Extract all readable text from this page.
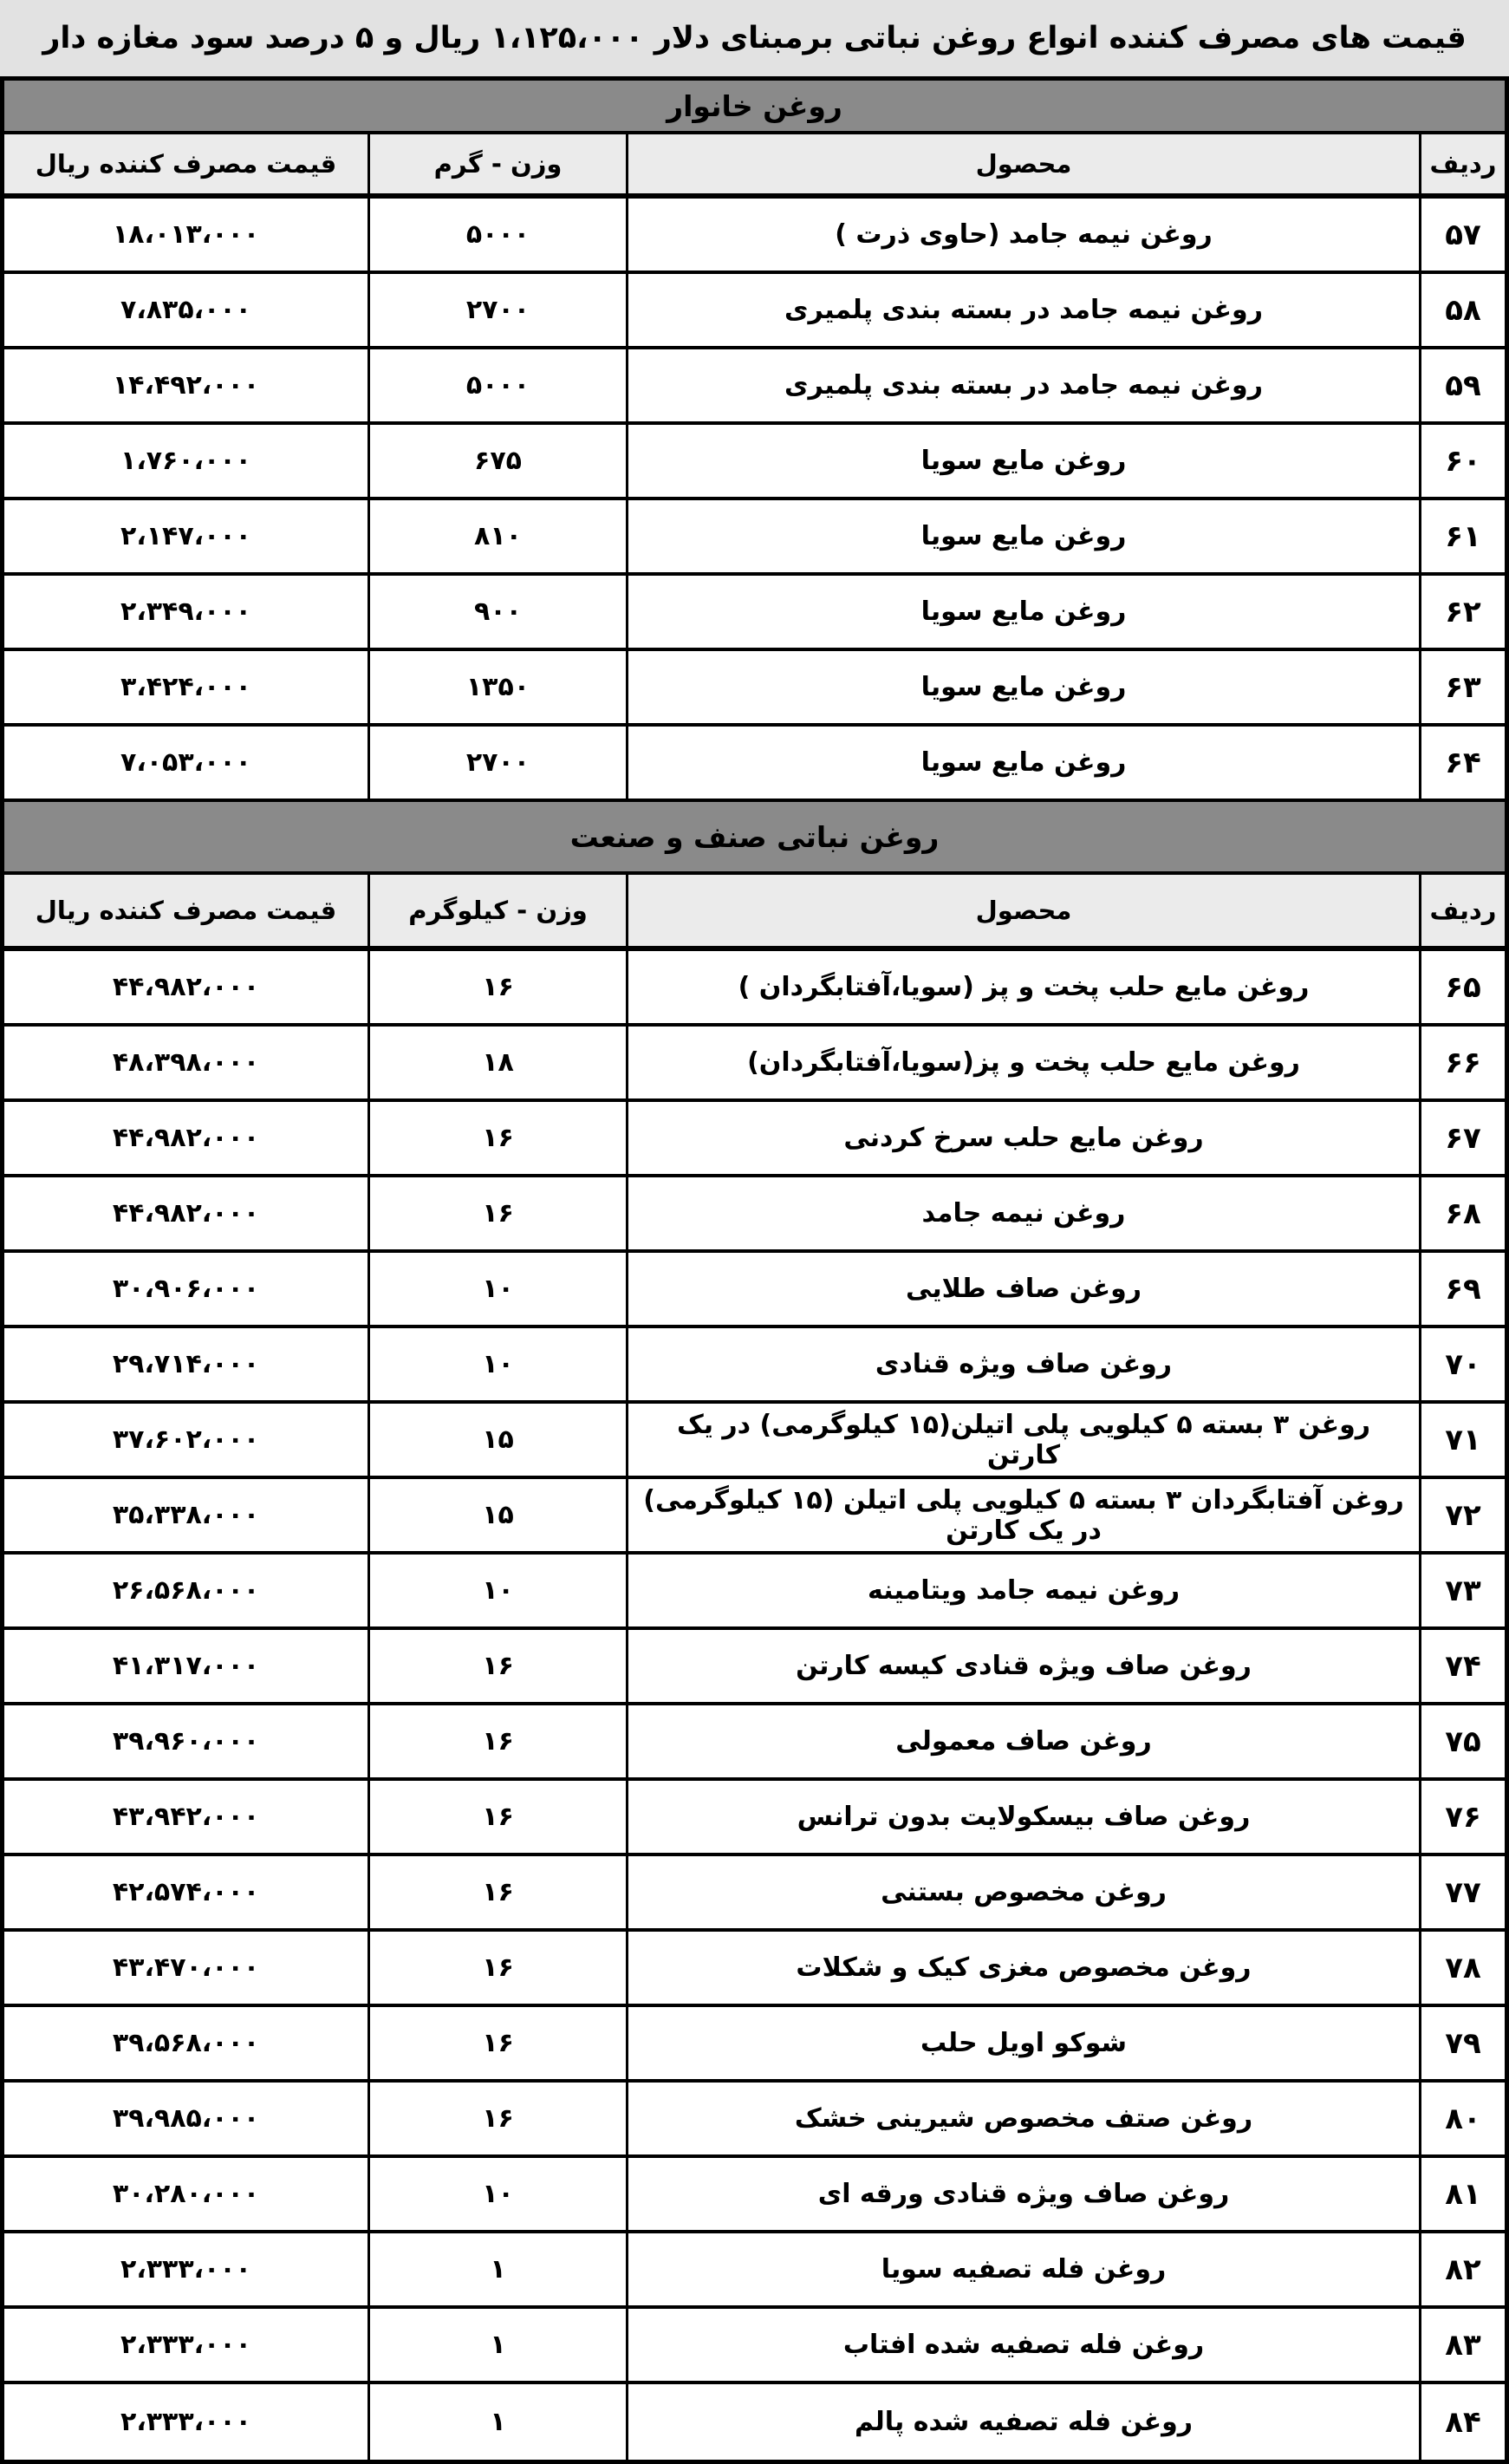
قیمت های مصرف کننده انواع روغن نباتی برمبنای دلار ۱،۱۲۵،۰۰۰ ریال و ۵ درصد سود مغازه دار
روغن خانوار
ردیف
محصول
وزن - گرم
قیمت مصرف کننده ریال
۵۷
روغن نیمه جامد (حاوی ذرت )
۵۰۰۰
۱۸،۰۱۳،۰۰۰
۵۸
روغن نیمه جامد در بسته بندی پلمیری
۲۷۰۰
۷،۸۳۵،۰۰۰
۵۹
روغن نیمه جامد در بسته بندی پلمیری
۵۰۰۰
۱۴،۴۹۲،۰۰۰
۶۰
روغن مایع سویا
۶۷۵
۱،۷۶۰،۰۰۰
۶۱
روغن مایع سویا
۸۱۰
۲،۱۴۷،۰۰۰
۶۲
روغن مایع سویا
۹۰۰
۲،۳۴۹،۰۰۰
۶۳
روغن مایع سویا
۱۳۵۰
۳،۴۲۴،۰۰۰
۶۴
روغن مایع سویا
۲۷۰۰
۷،۰۵۳،۰۰۰
روغن نباتی صنف و صنعت
ردیف
محصول
وزن - کیلوگرم
قیمت مصرف کننده ریال
۶۵
روغن مایع حلب پخت و پز (سویا،آفتابگردان )
۱۶
۴۴،۹۸۲،۰۰۰
۶۶
روغن مایع حلب پخت و پز(سویا،آفتابگردان)
۱۸
۴۸،۳۹۸،۰۰۰
۶۷
روغن مایع حلب سرخ کردنی
۱۶
۴۴،۹۸۲،۰۰۰
۶۸
روغن نیمه جامد
۱۶
۴۴،۹۸۲،۰۰۰
۶۹
روغن صاف طلایی
۱۰
۳۰،۹۰۶،۰۰۰
۷۰
روغن صاف ویژه قنادی
۱۰
۲۹،۷۱۴،۰۰۰
۷۱
روغن ۳ بسته ۵ کیلویی پلی اتیلن(۱۵ کیلوگرمی) در یک کارتن
۱۵
۳۷،۶۰۲،۰۰۰
۷۲
روغن آفتابگردان ۳ بسته ۵ کیلویی پلی اتیلن (۱۵ کیلوگرمی) در یک کارتن
۱۵
۳۵،۳۳۸،۰۰۰
۷۳
روغن نیمه جامد ویتامینه
۱۰
۲۶،۵۶۸،۰۰۰
۷۴
روغن صاف ویژه قنادی کیسه کارتن
۱۶
۴۱،۳۱۷،۰۰۰
۷۵
روغن صاف معمولی
۱۶
۳۹،۹۶۰،۰۰۰
۷۶
روغن صاف بیسکولایت بدون ترانس
۱۶
۴۳،۹۴۲،۰۰۰
۷۷
روغن مخصوص بستنی
۱۶
۴۲،۵۷۴،۰۰۰
۷۸
روغن مخصوص مغزی کیک و شکلات
۱۶
۴۳،۴۷۰،۰۰۰
۷۹
شوکو اویل حلب
۱۶
۳۹،۵۶۸،۰۰۰
۸۰
روغن صتف مخصوص شیرینی خشک
۱۶
۳۹،۹۸۵،۰۰۰
۸۱
روغن صاف ویژه قنادی ورقه ای
۱۰
۳۰،۲۸۰،۰۰۰
۸۲
روغن فله تصفیه سویا
۱
۲،۳۳۳،۰۰۰
۸۳
روغن فله تصفیه شده افتاب
۱
۲،۳۳۳،۰۰۰
۸۴
روغن فله تصفیه شده پالم
۱
۲،۳۳۳،۰۰۰
